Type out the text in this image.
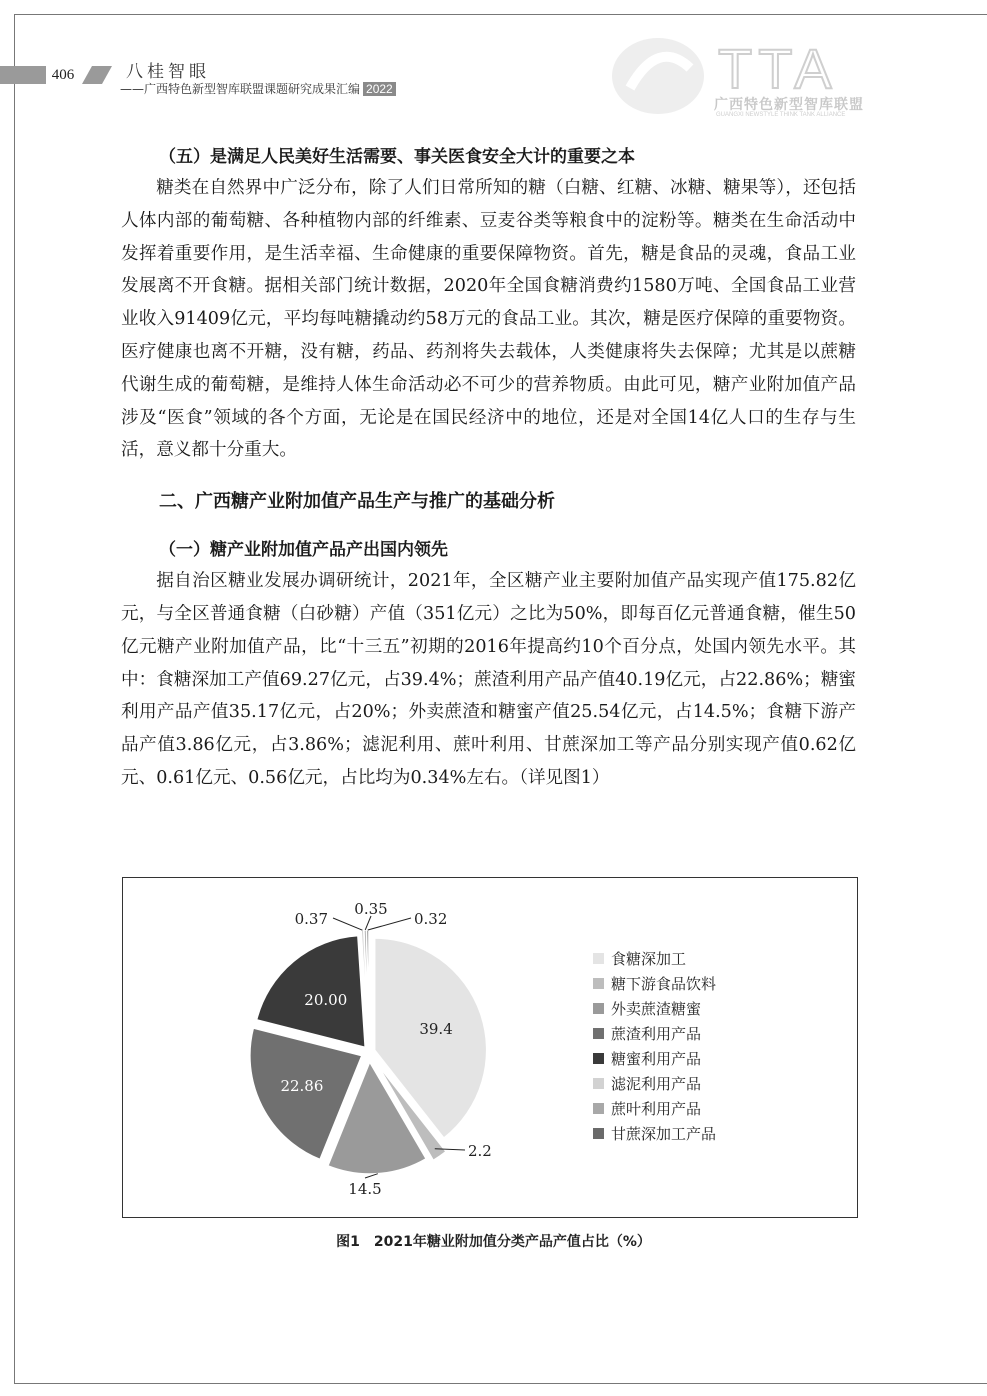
406	八桂智眼
——广西特色新型智库联盟课题研究成果汇编 2022	TTA
广西特色新型智库联盟
GUANGXI NEWSTYLE THINK TANK ALLIANCE
（五）是满足人民美好生活需要、事关医食安全大计的重要之本

糖类在自然界中广泛分布，除了人们日常所知的糖（白糖、红糖、冰糖、糖果等），还包括人体内部的葡萄糖、各种植物内部的纤维素、豆麦谷类等粮食中的淀粉等。糖类在生命活动中发挥着重要作用，是生活幸福、生命健康的重要保障物资。首先，糖是食品的灵魂，食品工业发展离不开食糖。据相关部门统计数据，2020年全国食糖消费约1580万吨、全国食品工业营业收入91409亿元，平均每吨糖撬动约58万元的食品工业。其次，糖是医疗保障的重要物资。医疗健康也离不开糖，没有糖，药品、药剂将失去载体，人类健康将失去保障；尤其是以蔗糖代谢生成的葡萄糖，是维持人体生命活动必不可少的营养物质。由此可见，糖产业附加值产品涉及“医食”领域的各个方面，无论是在国民经济中的地位，还是对全国14亿人口的生存与生活，意义都十分重大。

二、广西糖产业附加值产品生产与推广的基础分析
（一）糖产业附加值产品产出国内领先

据自治区糖业发展办调研统计，2021年，全区糖产业主要附加值产品实现产值175.82亿元，与全区普通食糖（白砂糖）产值（351亿元）之比为50%，即每百亿元普通食糖，催生50亿元糖产业附加值产品，比“十三五”初期的2016年提高约10个百分点，处国内领先水平。其中：食糖深加工产值69.27亿元，占39.4%；蔗渣利用产品产值40.19亿元，占22.86%；糖蜜利用产品产值35.17亿元，占20%；外卖蔗渣和糖蜜产值25.54亿元，占14.5%；食糖下游产品产值3.86亿元，占3.86%；滤泥利用、蔗叶利用、甘蔗深加工等产品分别实现产值0.62亿元、0.61亿元、0.56亿元，占比均为0.34%左右。（详见图1）

39.4
2.2
14.5
22.86
20.00
0.37
0.35
0.32
食糖深加工
糖下游食品饮料
外卖蔗渣糖蜜
蔗渣利用产品
糖蜜利用产品
滤泥利用产品
蔗叶利用产品
甘蔗深加工产品
图1　2021年糖业附加值分类产品产值占比（%）
